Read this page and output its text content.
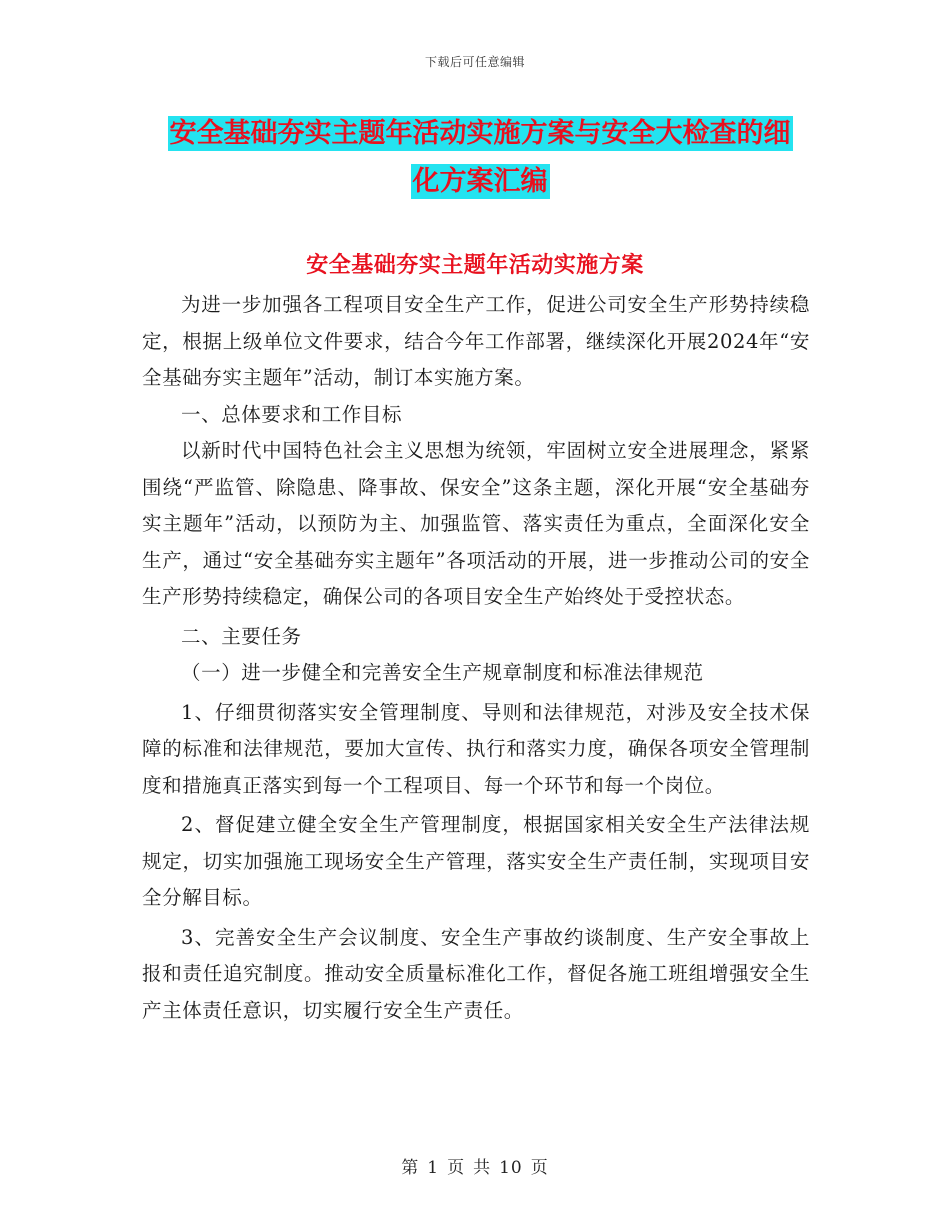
下载后可任意编辑
安全基础夯实主题年活动实施方案与安全大检查的细
化方案汇编
安全基础夯实主题年活动实施方案

为进一步加强各工程项目安全生产工作，促进公司安全生产形势持续稳定，根据上级单位文件要求，结合今年工作部署，继续深化开展2024年“安全基础夯实主题年”活动，制订本实施方案。

一、总体要求和工作目标

以新时代中国特色社会主义思想为统领，牢固树立安全进展理念，紧紧围绕“严监管、除隐患、降事故、保安全”这条主题，深化开展“安全基础夯实主题年”活动，以预防为主、加强监管、落实责任为重点，全面深化安全生产，通过“安全基础夯实主题年”各项活动的开展，进一步推动公司的安全生产形势持续稳定，确保公司的各项目安全生产始终处于受控状态。

二、主要任务

（一）进一步健全和完善安全生产规章制度和标准法律规范

1、仔细贯彻落实安全管理制度、导则和法律规范，对涉及安全技术保障的标准和法律规范，要加大宣传、执行和落实力度，确保各项安全管理制度和措施真正落实到每一个工程项目、每一个环节和每一个岗位。

2、督促建立健全安全生产管理制度，根据国家相关安全生产法律法规规定，切实加强施工现场安全生产管理，落实安全生产责任制，实现项目安全分解目标。

3、完善安全生产会议制度、安全生产事故约谈制度、生产安全事故上报和责任追究制度。推动安全质量标准化工作，督促各施工班组增强安全生产主体责任意识，切实履行安全生产责任。

第 1 页 共 10 页
